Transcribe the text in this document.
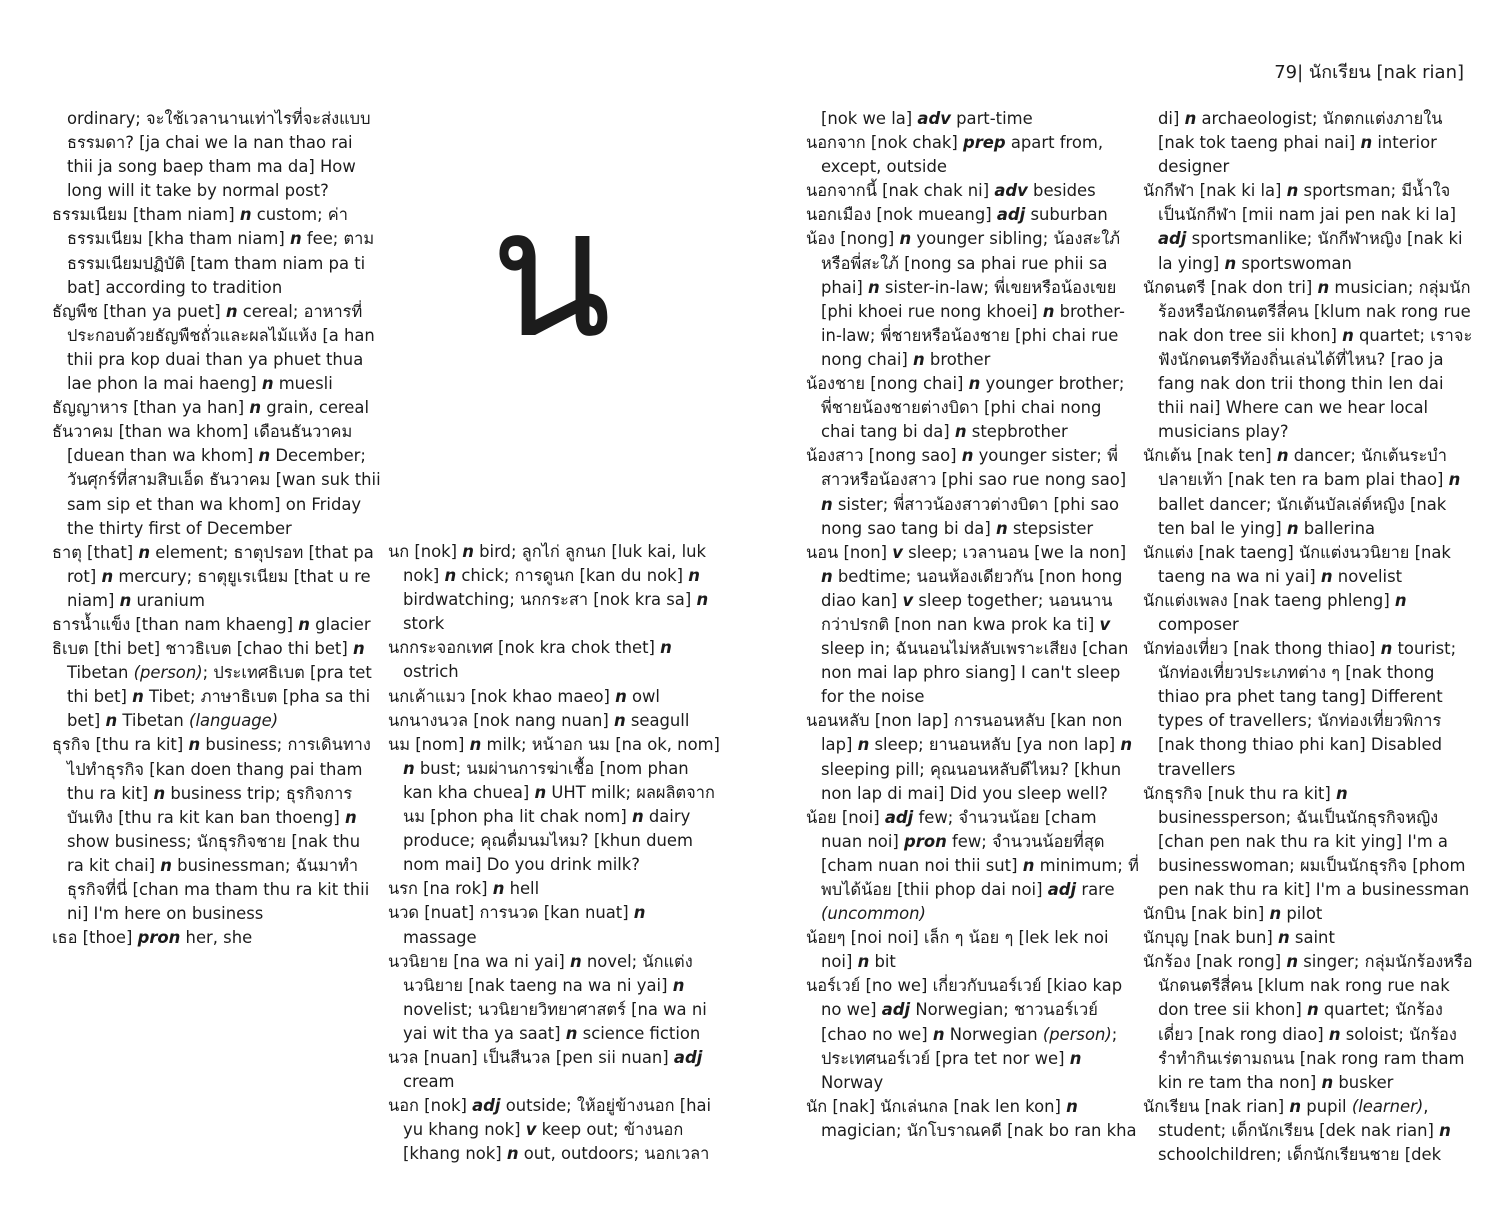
79| นักเรียน [nak rian]
น

ordinary; จะใช้เวลานานเท่าไรที่จะส่งแบบธรรมดา? [ja chai we la nan thao rai thii ja song baep tham ma da] How long will it take by normal post?

ธรรมเนียม [tham niam] n custom; ค่าธรรมเนียม [kha tham niam] n fee; ตามธรรมเนียมปฏิบัติ [tam tham niam pa ti bat] according to tradition

ธัญพืช [than ya puet] n cereal; อาหารที่ประกอบด้วยธัญพืชถั่วและผลไม้แห้ง [a han thii pra kop duai than ya phuet thua lae phon la mai haeng] n muesli

ธัญญาหาร [than ya han] n grain, cereal

ธันวาคม [than wa khom] เดือนธันวาคม [duean than wa khom] n December; วันศุกร์ที่สามสิบเอ็ด ธันวาคม [wan suk thii sam sip et than wa khom] on Friday the thirty first of December

ธาตุ [that] n element; ธาตุปรอท [that pa rot] n mercury; ธาตุยูเรเนียม [that u re niam] n uranium

ธารน้ำแข็ง [than nam khaeng] n glacier

ธิเบต [thi bet] ชาวธิเบต [chao thi bet] n Tibetan (person); ประเทศธิเบต [pra tet thi bet] n Tibet; ภาษาธิเบต [pha sa thi bet] n Tibetan (language)

ธุรกิจ [thu ra kit] n business; การเดินทางไปทำธุรกิจ [kan doen thang pai tham thu ra kit] n business trip; ธุรกิจการบันเทิง [thu ra kit kan ban thoeng] n show business; นักธุรกิจชาย [nak thu ra kit chai] n businessman; ฉันมาทำธุรกิจที่นี่ [chan ma tham thu ra kit thii ni] I'm here on business

เธอ [thoe] pron her, she

นก [nok] n bird; ลูกไก่ ลูกนก [luk kai, luk nok] n chick; การดูนก [kan du nok] n birdwatching; นกกระสา [nok kra sa] n stork

นกกระจอกเทศ [nok kra chok thet] n ostrich

นกเค้าแมว [nok khao maeo] n owl

นกนางนวล [nok nang nuan] n seagull

นม [nom] n milk; หน้าอก นม [na ok, nom] n bust; นมผ่านการฆ่าเชื้อ [nom phan kan kha chuea] n UHT milk; ผลผลิตจากนม [phon pha lit chak nom] n dairy produce; คุณดื่มนมไหม? [khun duem nom mai] Do you drink milk?

นรก [na rok] n hell

นวด [nuat] การนวด [kan nuat] n massage

นวนิยาย [na wa ni yai] n novel; นักแต่งนวนิยาย [nak taeng na wa ni yai] n novelist; นวนิยายวิทยาศาสตร์ [na wa ni yai wit tha ya saat] n science fiction

นวล [nuan] เป็นสีนวล [pen sii nuan] adj cream

นอก [nok] adj outside; ให้อยู่ข้างนอก [hai yu khang nok] v keep out; ข้างนอก [khang nok] n out, outdoors; นอกเวลา

[nok we la] adv part-time

นอกจาก [nok chak] prep apart from, except, outside

นอกจากนี้ [nak chak ni] adv besides

นอกเมือง [nok mueang] adj suburban

น้อง [nong] n younger sibling; น้องสะใภ้ หรือพี่สะใภ้ [nong sa phai rue phii sa phai] n sister-in-law; พี่เขยหรือน้องเขย [phi khoei rue nong khoei] n brother-in-law; พี่ชายหรือน้องชาย [phi chai rue nong chai] n brother

น้องชาย [nong chai] n younger brother; พี่ชายน้องชายต่างบิดา [phi chai nong chai tang bi da] n stepbrother

น้องสาว [nong sao] n younger sister; พี่สาวหรือน้องสาว [phi sao rue nong sao] n sister; พี่สาวน้องสาวต่างบิดา [phi sao nong sao tang bi da] n stepsister

นอน [non] v sleep; เวลานอน [we la non] n bedtime; นอนห้องเดียวกัน [non hong diao kan] v sleep together; นอนนานกว่าปรกติ [non nan kwa prok ka ti] v sleep in; ฉันนอนไม่หลับเพราะเสียง [chan non mai lap phro siang] I can't sleep for the noise

นอนหลับ [non lap] การนอนหลับ [kan non lap] n sleep; ยานอนหลับ [ya non lap] n sleeping pill; คุณนอนหลับดีไหม? [khun non lap di mai] Did you sleep well?

น้อย [noi] adj few; จำนวนน้อย [cham nuan noi] pron few; จำนวนน้อยที่สุด [cham nuan noi thii sut] n minimum; ที่พบได้น้อย [thii phop dai noi] adj rare (uncommon)

น้อยๆ [noi noi] เล็ก ๆ น้อย ๆ [lek lek noi noi] n bit

นอร์เวย์ [no we] เกี่ยวกับนอร์เวย์ [kiao kap no we] adj Norwegian; ชาวนอร์เวย์ [chao no we] n Norwegian (person); ประเทศนอร์เวย์ [pra tet nor we] n Norway

นัก [nak] นักเล่นกล [nak len kon] n magician; นักโบราณคดี [nak bo ran kha

di] n archaeologist; นักตกแต่งภายใน [nak tok taeng phai nai] n interior designer

นักกีฬา [nak ki la] n sportsman; มีน้ำใจเป็นนักกีฬา [mii nam jai pen nak ki la] adj sportsmanlike; นักกีฬาหญิง [nak ki la ying] n sportswoman

นักดนตรี [nak don tri] n musician; กลุ่มนักร้องหรือนักดนตรีสี่คน [klum nak rong rue nak don tree sii khon] n quartet; เราจะฟังนักดนตรีท้องถิ่นเล่นได้ที่ไหน? [rao ja fang nak don trii thong thin len dai thii nai] Where can we hear local musicians play?

นักเต้น [nak ten] n dancer; นักเต้นระบำปลายเท้า [nak ten ra bam plai thao] n ballet dancer; นักเต้นบัลเล่ต์หญิง [nak ten bal le ying] n ballerina

นักแต่ง [nak taeng] นักแต่งนวนิยาย [nak taeng na wa ni yai] n novelist

นักแต่งเพลง [nak taeng phleng] n composer

นักท่องเที่ยว [nak thong thiao] n tourist; นักท่องเที่ยวประเภทต่าง ๆ [nak thong thiao pra phet tang tang] Different types of travellers; นักท่องเที่ยวพิการ [nak thong thiao phi kan] Disabled travellers

นักธุรกิจ [nuk thu ra kit] n businessperson; ฉันเป็นนักธุรกิจหญิง [chan pen nak thu ra kit ying] I'm a businesswoman; ผมเป็นนักธุรกิจ [phom pen nak thu ra kit] I'm a businessman

นักบิน [nak bin] n pilot

นักบุญ [nak bun] n saint

นักร้อง [nak rong] n singer; กลุ่มนักร้องหรือนักดนตรีสี่คน [klum nak rong rue nak don tree sii khon] n quartet; นักร้องเดี่ยว [nak rong diao] n soloist; นักร้องรำทำกินเร่ตามถนน [nak rong ram tham kin re tam tha non] n busker

นักเรียน [nak rian] n pupil (learner), student; เด็กนักเรียน [dek nak rian] n schoolchildren; เด็กนักเรียนชาย [dek
